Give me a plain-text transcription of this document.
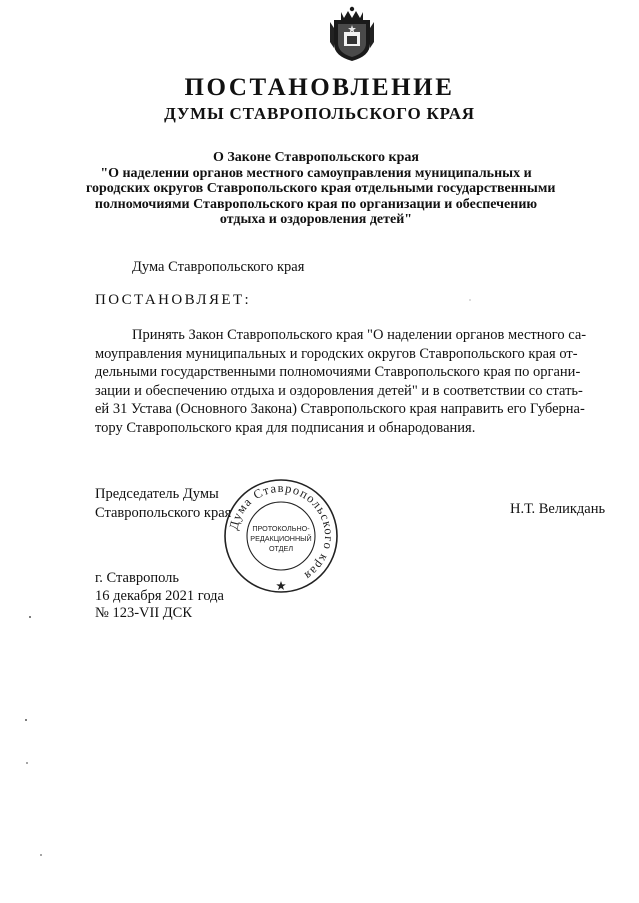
ПОСТАНОВЛЕНИЕ
ДУМЫ СТАВРОПОЛЬСКОГО КРАЯ
О Законе Ставропольского края
"О наделении органов местного самоуправления муниципальных и
городских округов Ставропольского края отдельными государственными
полномочиями Ставропольского края по организации и обеспечению
отдыха и оздоровления детей"
Дума Ставропольского края
ПОСТАНОВЛЯЕТ:
Принять Закон Ставропольского края "О наделении органов местного са-
моуправления муниципальных и городских округов Ставропольского края от-
дельными государственными полномочиями Ставропольского края по органи-
зации и обеспечению отдыха и оздоровления детей" и в соответствии со стать-
ей 31 Устава (Основного Закона) Ставропольского края направить его Губерна-
тору Ставропольского края для подписания и обнародования.
Председатель Думы
Ставропольского края
Дума Ставропольского края
ПРОТОКОЛЬНО-
РЕДАКЦИОННЫЙ
ОТДЕЛ
Н.Т. Великдань
г. Ставрополь
16 декабря 2021 года
№ 123-VII ДСК
